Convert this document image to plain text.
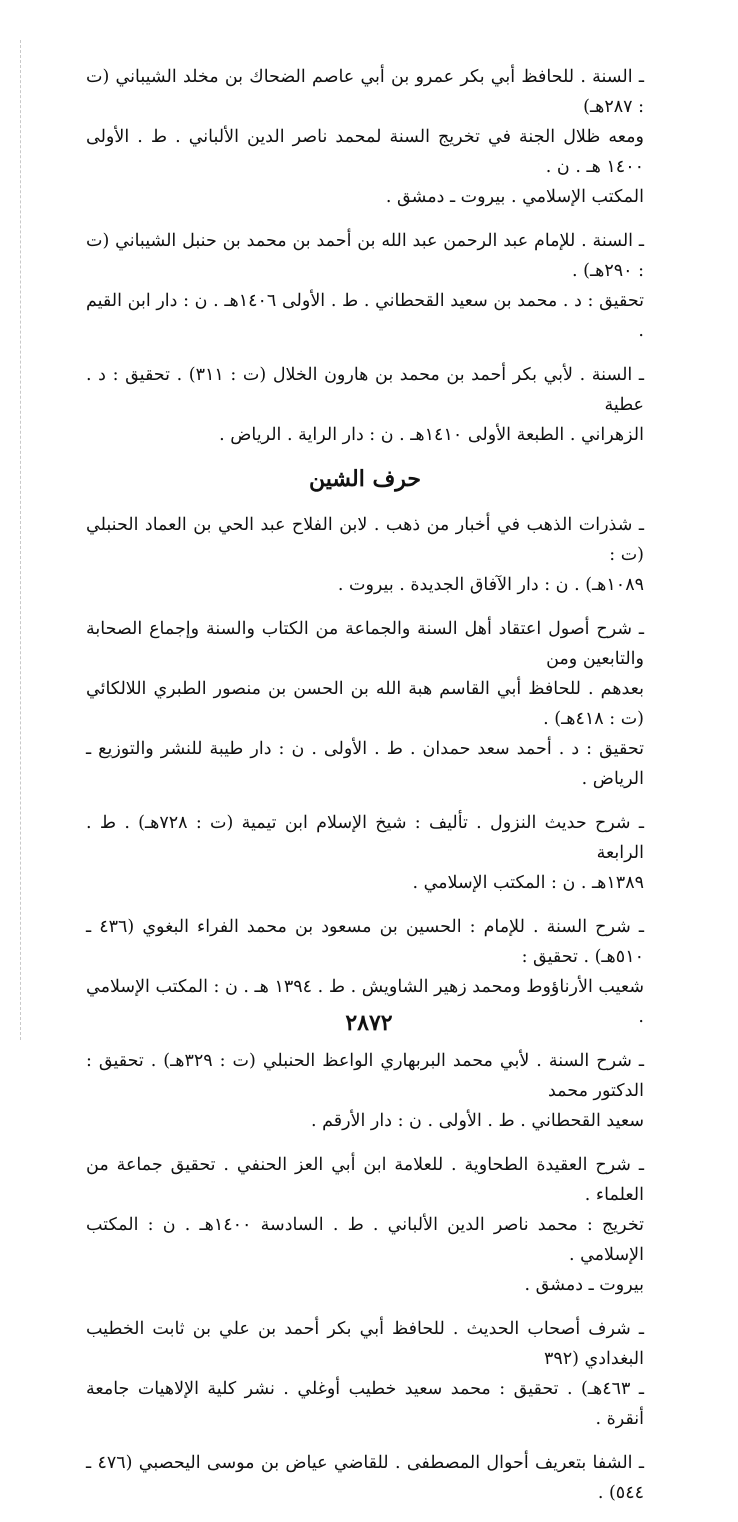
ـ السنة . للحافظ أبي بكر عمرو بن أبي عاصم الضحاك بن مخلد الشيباني (ت : ٢٨٧هـ)

ومعه ظلال الجنة في تخريج السنة لمحمد ناصر الدين الألباني . ط . الأولى ١٤٠٠ هـ . ن .

المكتب الإسلامي . بيروت ـ دمشق .

ـ السنة . للإمام عبد الرحمن عبد الله بن أحمد بن محمد بن حنبل الشيباني (ت : ٢٩٠هـ) .

تحقيق : د . محمد بن سعيد القحطاني . ط . الأولى ١٤٠٦هـ . ن : دار ابن القيم .

ـ السنة . لأبي بكر أحمد بن محمد بن هارون الخلال (ت : ٣١١) . تحقيق : د . عطية

الزهراني . الطبعة الأولى ١٤١٠هـ . ن : دار الراية . الرياض .

حرف الشين

ـ شذرات الذهب في أخبار من ذهب . لابن الفلاح عبد الحي بن العماد الحنبلي (ت :

١٠٨٩هـ) . ن : دار الآفاق الجديدة . بيروت .

ـ شرح أصول اعتقاد أهل السنة والجماعة من الكتاب والسنة وإجماع الصحابة والتابعين ومن

بعدهم . للحافظ أبي القاسم هبة الله بن الحسن بن منصور الطبري اللالكائي (ت : ٤١٨هـ) .

تحقيق : د . أحمد سعد حمدان . ط . الأولى . ن : دار طيبة للنشر والتوزيع ـ الرياض .

ـ شرح حديث النزول . تأليف : شيخ الإسلام ابن تيمية (ت : ٧٢٨هـ) . ط . الرابعة

١٣٨٩هـ . ن : المكتب الإسلامي .

ـ شرح السنة . للإمام : الحسين بن مسعود بن محمد الفراء البغوي (٤٣٦ ـ ٥١٠هـ) . تحقيق :

شعيب الأرناؤوط ومحمد زهير الشاويش . ط . ١٣٩٤ هـ . ن : المكتب الإسلامي .

ـ شرح السنة . لأبي محمد البربهاري الواعظ الحنبلي (ت : ٣٢٩هـ) . تحقيق : الدكتور محمد

سعيد القحطاني . ط . الأولى . ن : دار الأرقم .

ـ شرح العقيدة الطحاوية . للعلامة ابن أبي العز الحنفي . تحقيق جماعة من العلماء .

تخريج : محمد ناصر الدين الألباني . ط . السادسة ١٤٠٠هـ . ن : المكتب الإسلامي .

بيروت ـ دمشق .

ـ شرف أصحاب الحديث . للحافظ أبي بكر أحمد بن علي بن ثابت الخطيب البغدادي (٣٩٢

ـ ٤٦٣هـ) . تحقيق : محمد سعيد خطيب أوغلي . نشر كلية الإلاهيات جامعة أنقرة .

ـ الشفا بتعريف أحوال المصطفى . للقاضي عياض بن موسى اليحصبي (٤٧٦ ـ ٥٤٤) .

٢٨٧٢
